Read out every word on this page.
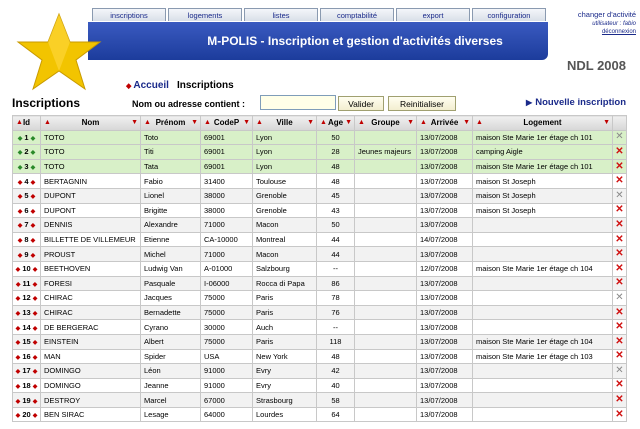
inscriptions	logements	listes	comptabilité	export	configuration	changer d'activité
utilisateur : fabio
déconnexion
M-POLIS - Inscription et gestion d'activités diverses
NDL 2008
◆ Accueil Inscriptions
Inscriptions	Nom ou adresse contient :	Valider	Reinitialiser	▶ Nouvelle inscription
▲ Id	▲ Nom ▼	▲ Prénom ▼	▲ CodeP ▼	▲ Ville ▼	▲ Age ▼	▲ Groupe ▼	▲ Arrivée ▼	▲ Logement ▼	

◆ 1 ◆	TOTO	Toto	69001	Lyon	50		13/07/2008	maison Ste Marie 1er étage ch 101	✕
◆ 2 ◆	TOTO	Titi	69001	Lyon	28	Jeunes majeurs	13/07/2008	camping Aigle	✕
◆ 3 ◆	TOTO	Tata	69001	Lyon	48		13/07/2008	maison Ste Marie 1er étage ch 101	✕
◆ 4 ◆	BERTAGNIN	Fabio	31400	Toulouse	48		13/07/2008	maison St Joseph	✕
◆ 5 ◆	DUPONT	Lionel	38000	Grenoble	45		13/07/2008	maison St Joseph	✕
◆ 6 ◆	DUPONT	Brigitte	38000	Grenoble	43		13/07/2008	maison St Joseph	✕
◆ 7 ◆	DENNIS	Alexandre	71000	Macon	50		13/07/2008		✕
◆ 8 ◆	BILLETTE DE VILLEMEUR	Etienne	CA-10000	Montreal	44		14/07/2008		✕
◆ 9 ◆	PROUST	Michel	71000	Macon	44		13/07/2008		✕
◆ 10 ◆	BEETHOVEN	Ludwig Van	A-01000	Salzbourg	--		12/07/2008	maison Ste Marie 1er étage ch 104	✕
◆ 11 ◆	FORESI	Pasquale	I-06000	Rocca di Papa	86		13/07/2008		✕
◆ 12 ◆	CHIRAC	Jacques	75000	Paris	78		13/07/2008		✕
◆ 13 ◆	CHIRAC	Bernadette	75000	Paris	76		13/07/2008		✕
◆ 14 ◆	DE BERGERAC	Cyrano	30000	Auch	--		13/07/2008		✕
◆ 15 ◆	EINSTEIN	Albert	75000	Paris	118		13/07/2008	maison Ste Marie 1er étage ch 104	✕
◆ 16 ◆	MAN	Spider	USA	New York	48		13/07/2008	maison Ste Marie 1er étage ch 103	✕
◆ 17 ◆	DOMINGO	Léon	91000	Evry	42		13/07/2008		✕
◆ 18 ◆	DOMINGO	Jeanne	91000	Evry	40		13/07/2008		✕
◆ 19 ◆	DESTROY	Marcel	67000	Strasbourg	58		13/07/2008		✕
◆ 20 ◆	BEN SIRAC	Lesage	64000	Lourdes	64		13/07/2008		✕
